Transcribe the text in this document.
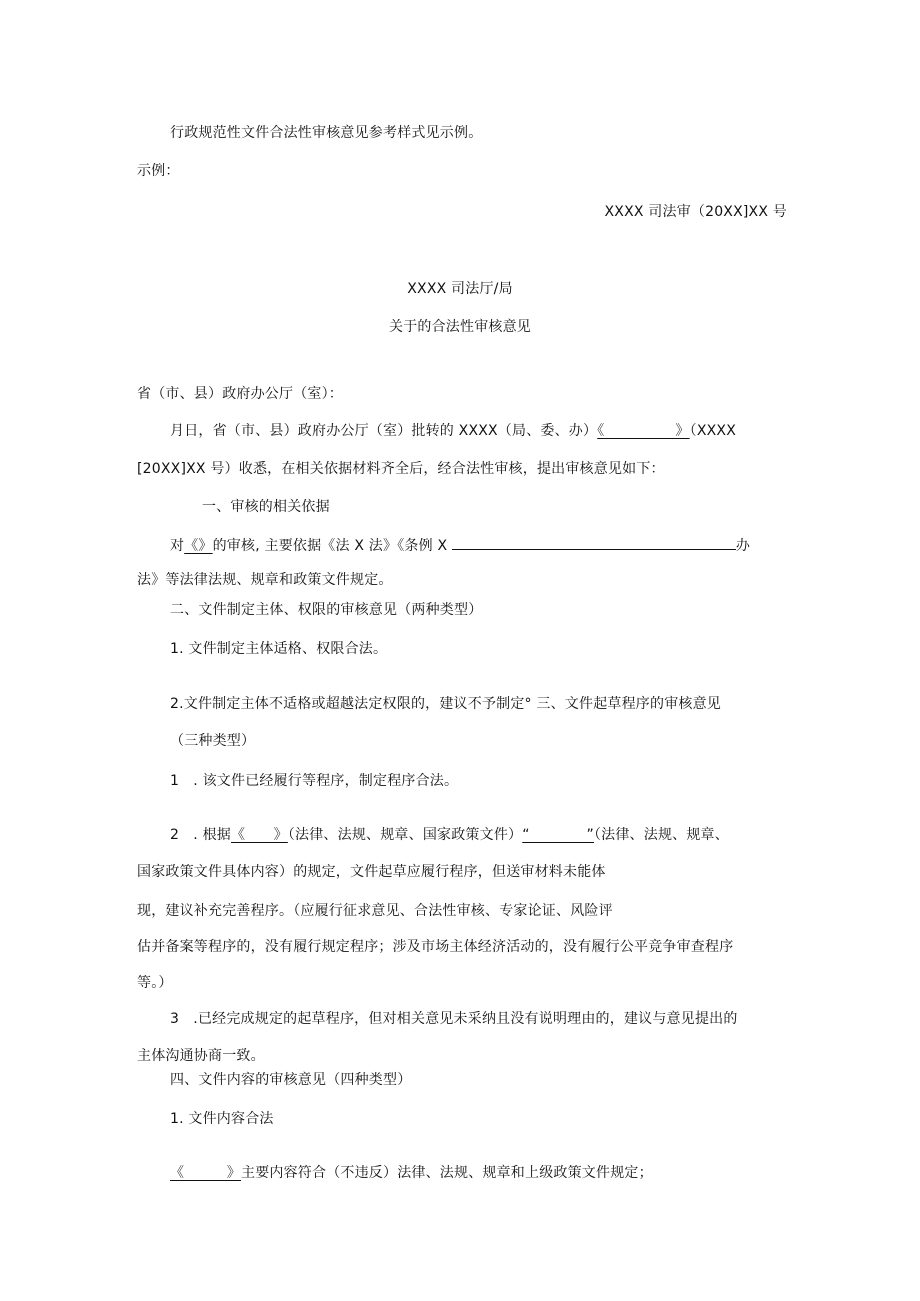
行政规范性文件合法性审核意见参考样式见示例。
示例：
XXXX 司法审（20XX]XX 号
XXXX 司法厅/局
关于的合法性审核意见
省（市、县）政府办公厅（室）：
月日，省（市、县）政府办公厅（室）批转的 XXXX（局、委、办）《　　　　　》（XXXX
[20XX]XX 号）收悉，在相关依据材料齐全后，经合法性审核，提出审核意见如下：
一、审核的相关依据
对《》的审核, 主要依据《法 X 法》《条例 X	办
法》等法律法规、规章和政策文件规定。
二、文件制定主体、权限的审核意见（两种类型）
1. 文件制定主体适格、权限合法。
2.文件制定主体不适格或超越法定权限的，建议不予制定° 三、文件起草程序的审核意见
（三种类型）
1　. 该文件已经履行等程序，制定程序合法。
2　. 根据《　　》（法律、法规、规章、国家政策文件）“　　　　”（法律、法规、规章、
国家政策文件具体内容）的规定，文件起草应履行程序，但送审材料未能体
现，建议补充完善程序。（应履行征求意见、合法性审核、专家论证、风险评
估并备案等程序的，没有履行规定程序；涉及市场主体经济活动的，没有履行公平竞争审查程序
等。）
3　.已经完成规定的起草程序，但对相关意见未采纳且没有说明理由的，建议与意见提出的
主体沟通协商一致。
四、文件内容的审核意见（四种类型）
1. 文件内容合法
《　　　》主要内容符合（不违反）法律、法规、规章和上级政策文件规定；
